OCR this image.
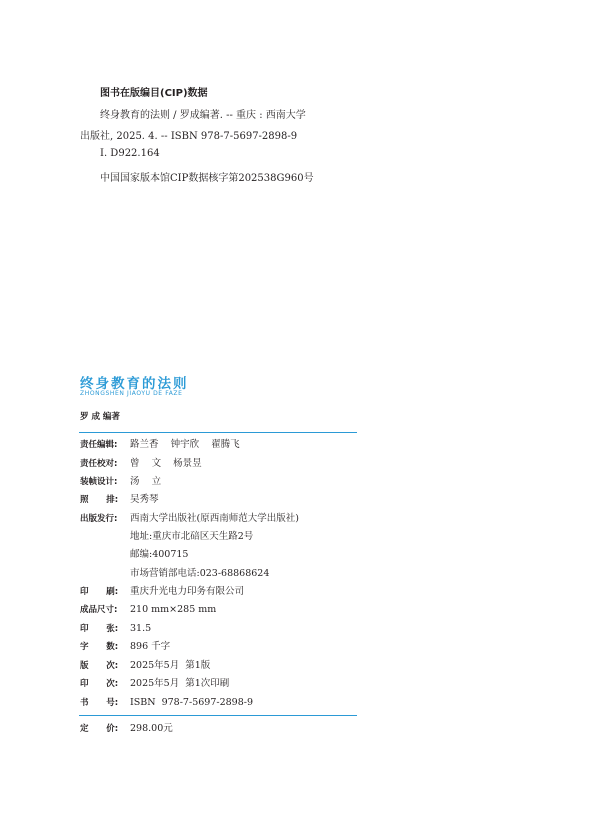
图书在版编目(CIP)数据
终身教育的法则 / 罗成编著. -- 重庆 : 西南大学
出版社, 2025. 4. -- ISBN 978-7-5697-2898-9
Ⅰ. D922.164
中国国家版本馆CIP数据核字第202538G960号
终身教育的法则
ZHONGSHEN JIAOYU DE FAZE
罗 成 编著
责任编辑:	路兰香    钟宇欣    翟腾飞
责任校对:	曾    文    杨景昱
装帧设计:	汤    立
照      排:	吴秀琴
出版发行:	西南大学出版社(原西南师范大学出版社)
地址:重庆市北碚区天生路2号
邮编:400715
市场营销部电话:023-68868624
印      刷:	重庆升光电力印务有限公司
成品尺寸:	210 mm×285 mm
印      张:	31.5
字      数:	896 千字
版      次:	2025年5月  第1版
印      次:	2025年5月  第1次印刷
书      号:	ISBN  978-7-5697-2898-9
定      价:	298.00元
